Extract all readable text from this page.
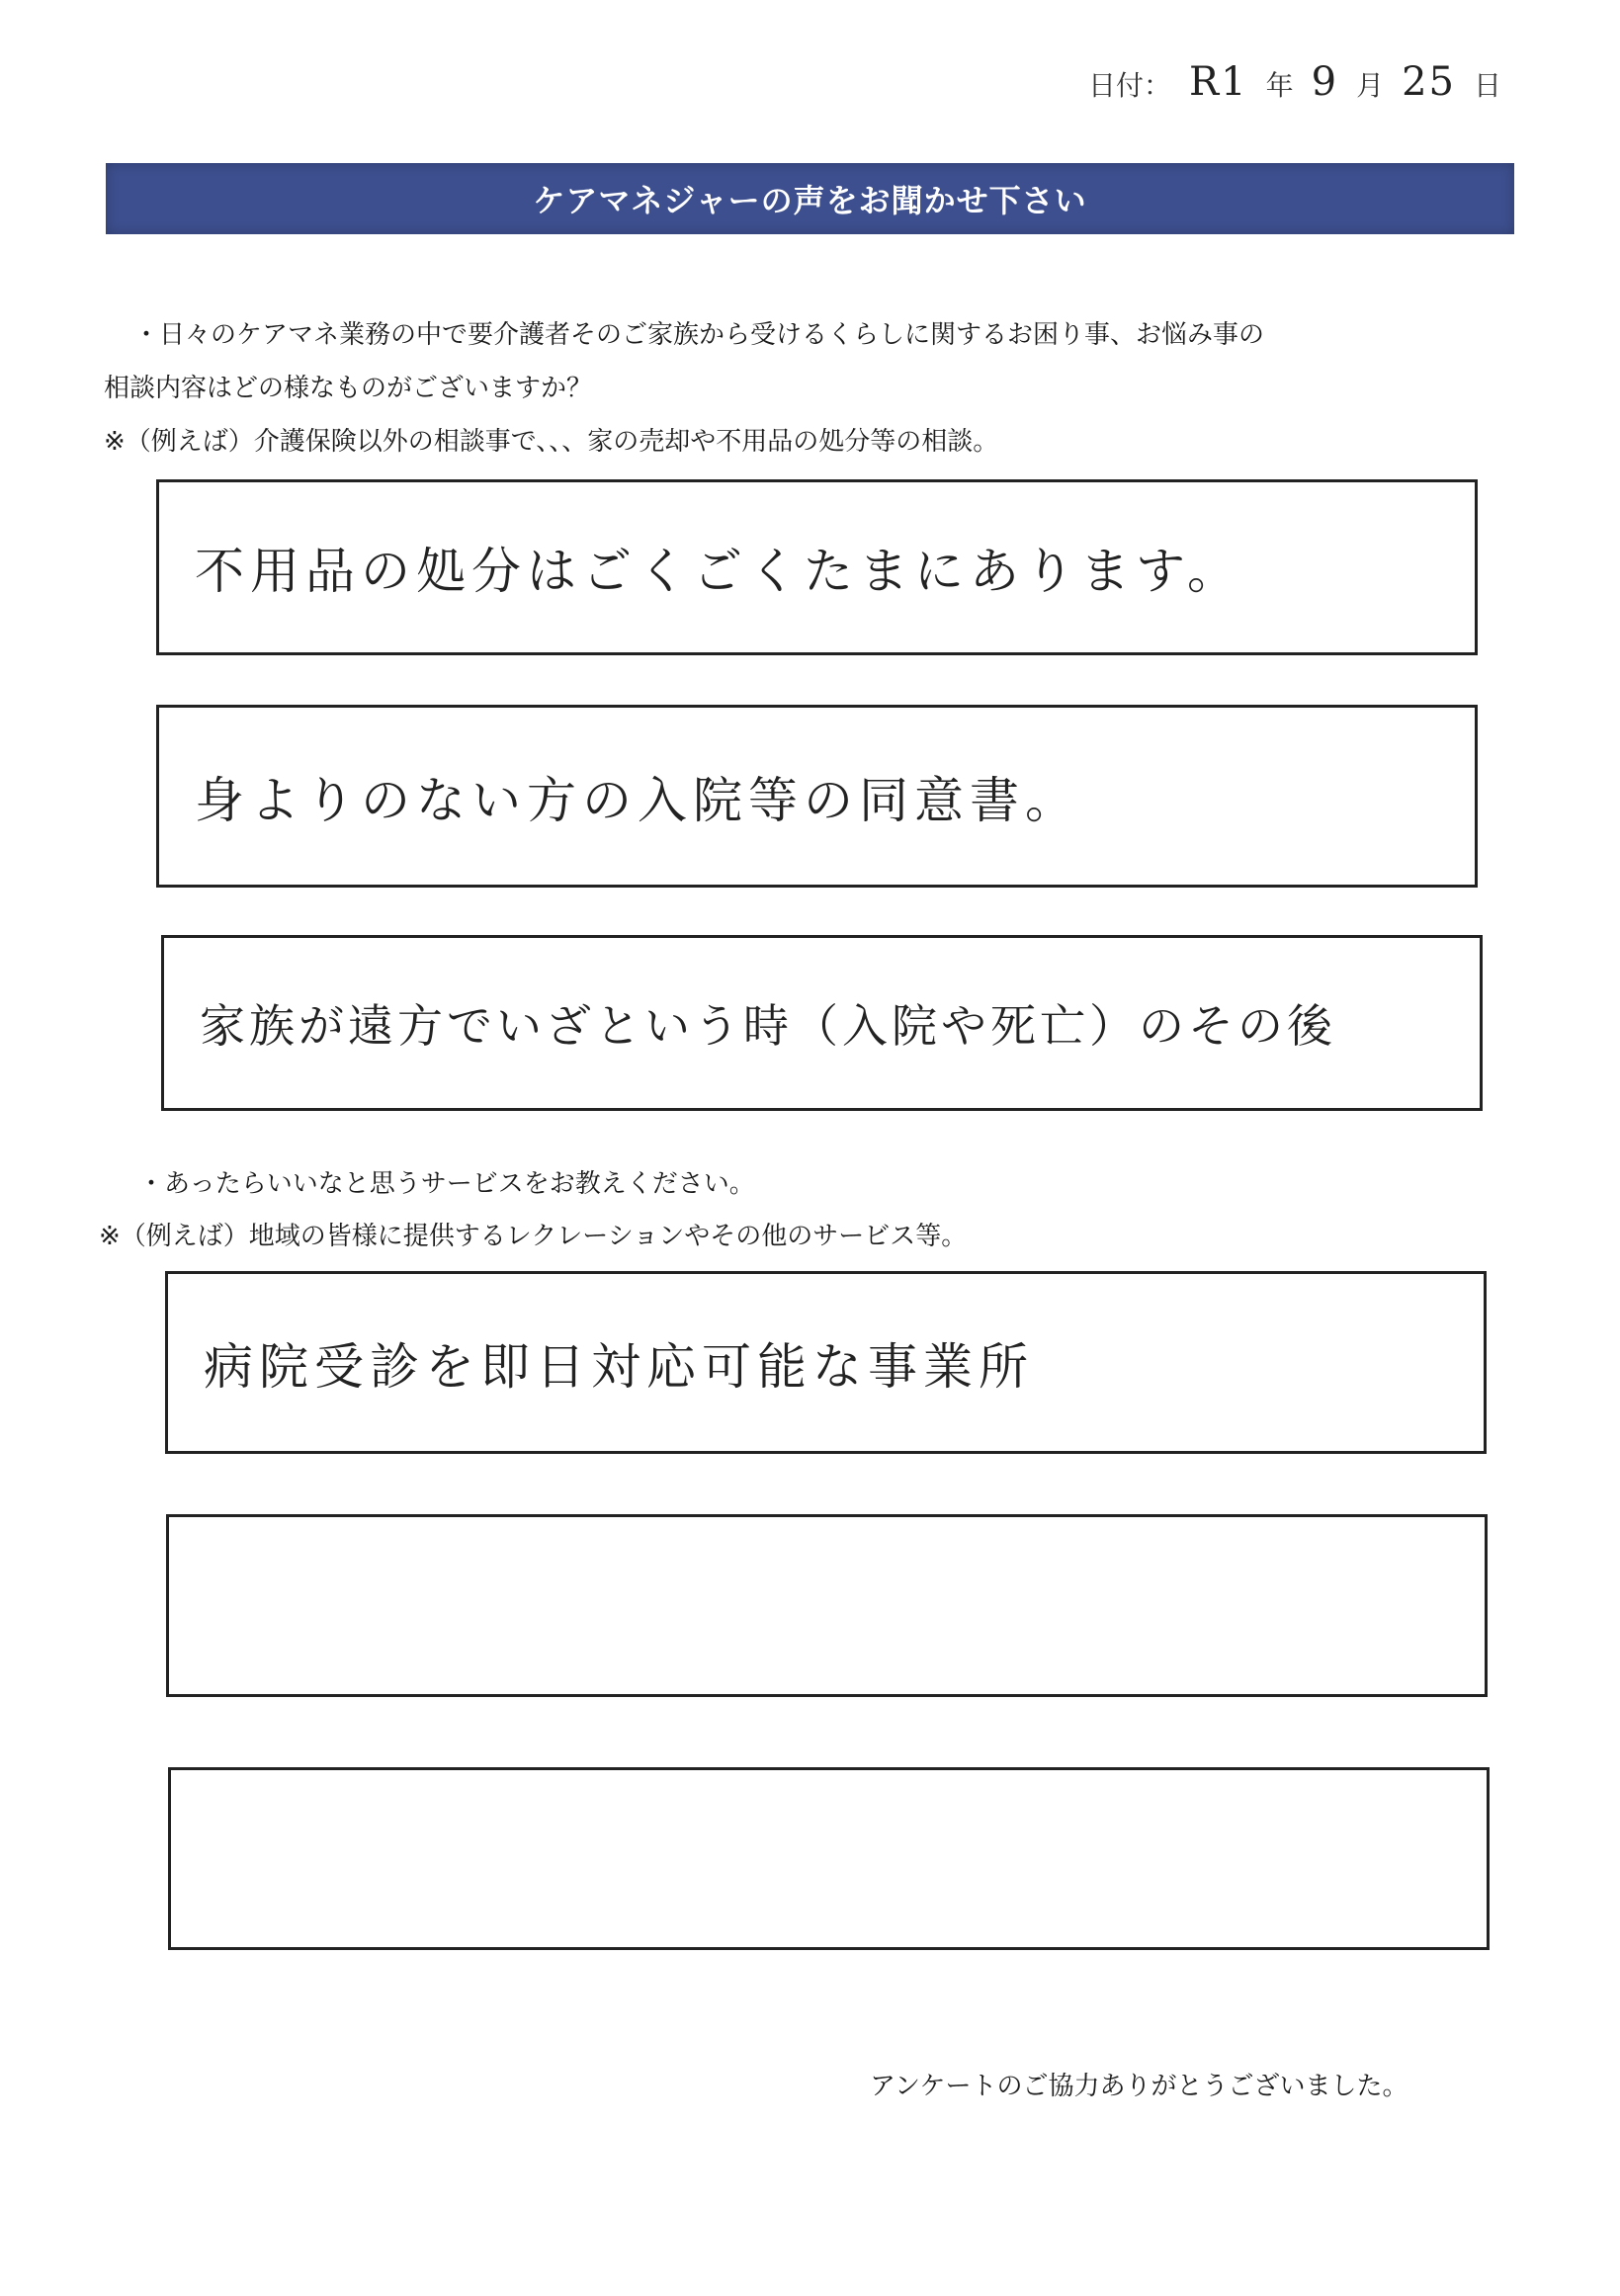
日付： R1 年 9 月 25 日
ケアマネジャーの声をお聞かせ下さい
・日々のケアマネ業務の中で要介護者そのご家族から受けるくらしに関するお困り事、お悩み事の
相談内容はどの様なものがございますか？
※（例えば）介護保険以外の相談事で、、、家の売却や不用品の処分等の相談。
不用品の処分はごくごくたまにあります。
身よりのない方の入院等の同意書。
家族が遠方でいざという時（入院や死亡）のその後
・あったらいいなと思うサービスをお教えください。
※（例えば）地域の皆様に提供するレクレーションやその他のサービス等。
病院受診を即日対応可能な事業所
アンケートのご協力ありがとうございました。
